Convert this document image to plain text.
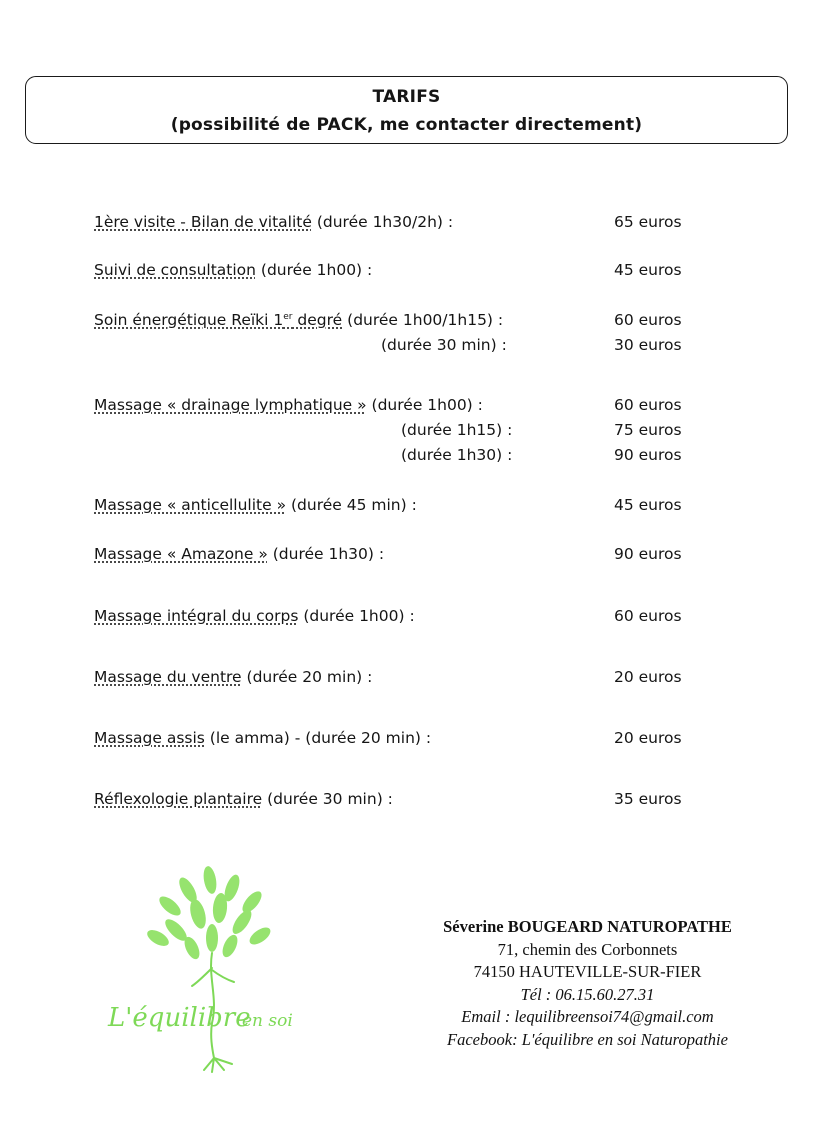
TARIFS
(possibilité de PACK, me contacter directement)
1ère visite - Bilan de vitalité (durée 1h30/2h) :	65 euros
Suivi de consultation (durée 1h00) :	45 euros
Soin énergétique Reïki 1er degré (durée 1h00/1h15) :	60 euros
(durée 30 min) :	30 euros
Massage « drainage lymphatique » (durée 1h00) :	60 euros
(durée 1h15) :	75 euros
(durée 1h30) :	90 euros
Massage « anticellulite » (durée 45 min) :	45 euros
Massage « Amazone » (durée 1h30) :	90 euros
Massage intégral du corps (durée 1h00) :	60 euros
Massage du ventre (durée 20 min) :	20 euros
Massage assis (le amma) - (durée 20 min) :	20 euros
Réflexologie plantaire (durée 30 min) :	35 euros
L'équilibre
en soi
Séverine BOUGEARD NATUROPATHE
71, chemin des Corbonnets
74150 HAUTEVILLE-SUR-FIER
Tél : 06.15.60.27.31
Email : lequilibreensoi74@gmail.com
Facebook: L'équilibre en soi Naturopathie
